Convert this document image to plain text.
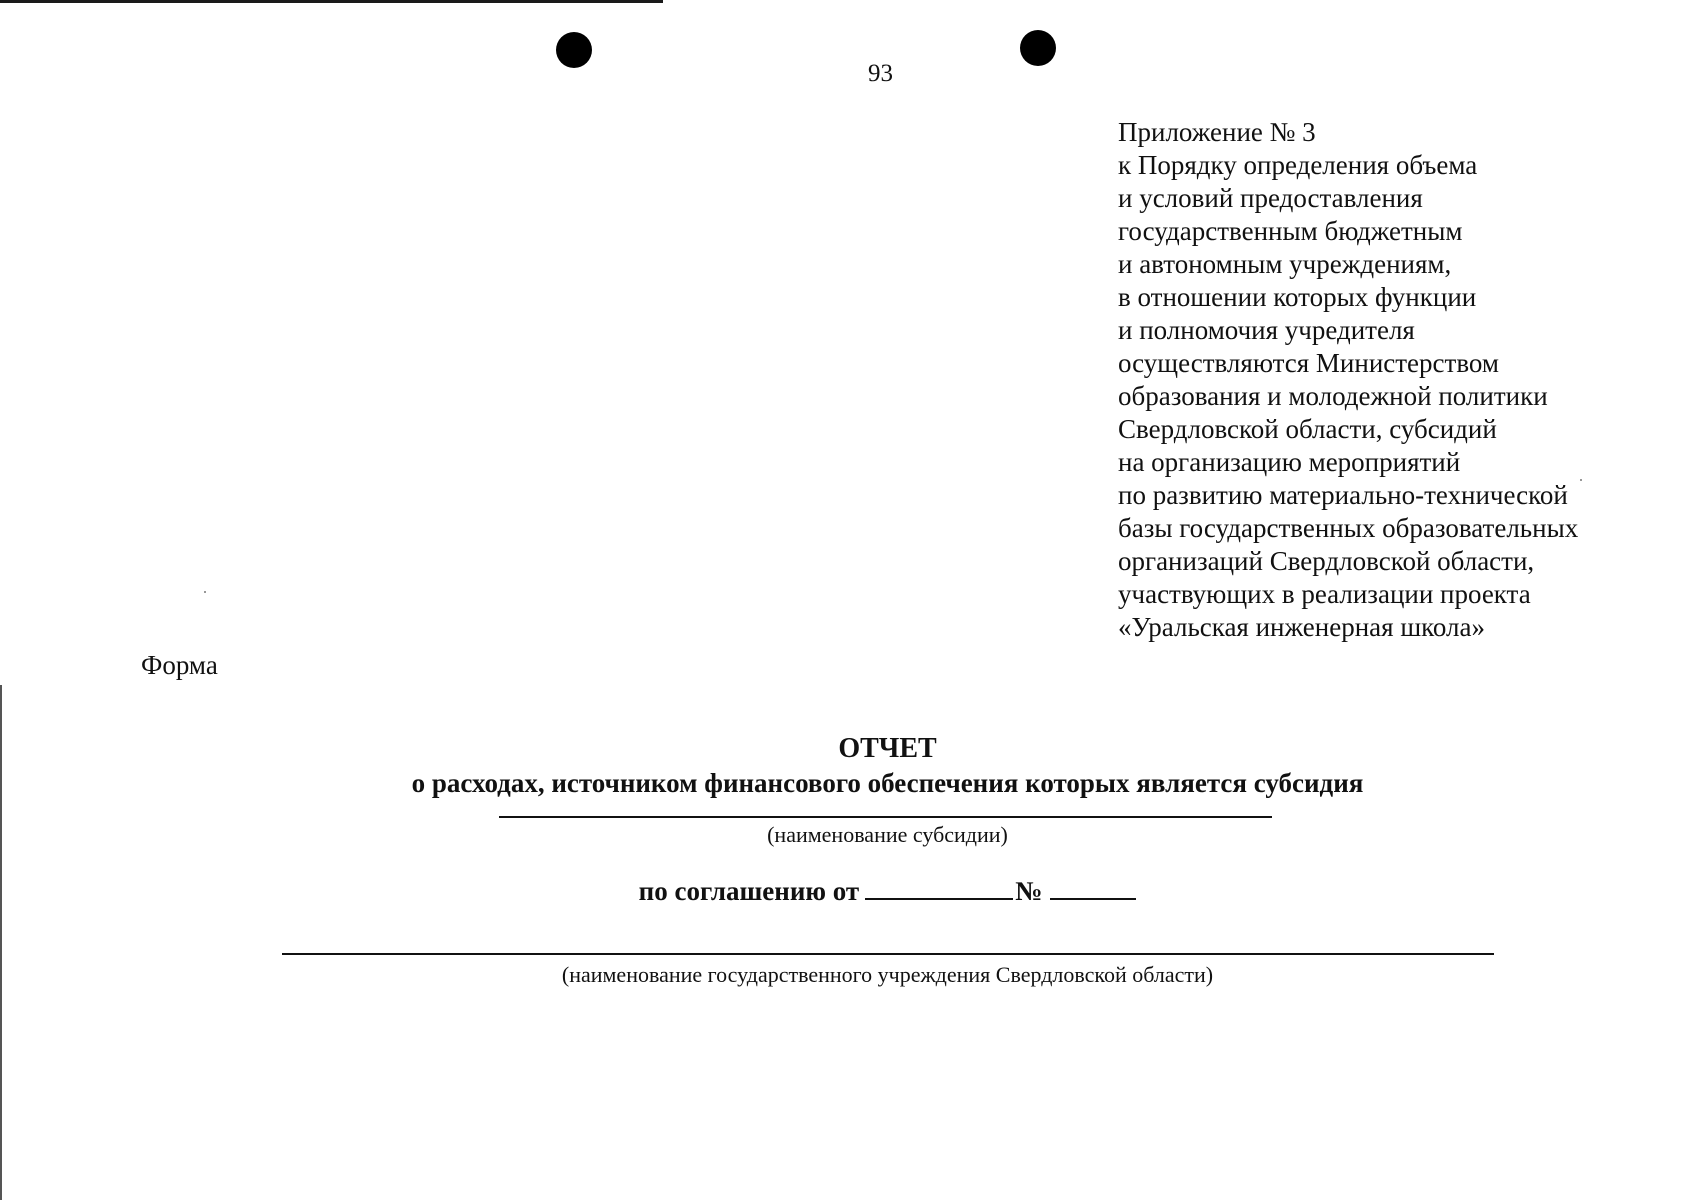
93
Приложение № 3
к Порядку определения объема
и условий предоставления
государственным бюджетным
и автономным учреждениям,
в отношении которых функции
и полномочия учредителя
осуществляются Министерством
образования и молодежной политики
Свердловской области, субсидий
на организацию мероприятий
по развитию материально-технической
базы государственных образовательных
организаций Свердловской области,
участвующих в реализации проекта
«Уральская инженерная школа»
Форма
ОТЧЕТ
о расходах, источником финансового обеспечения которых является субсидия
(наименование субсидии)
по соглашению от	№
(наименование государственного учреждения Свердловской области)
